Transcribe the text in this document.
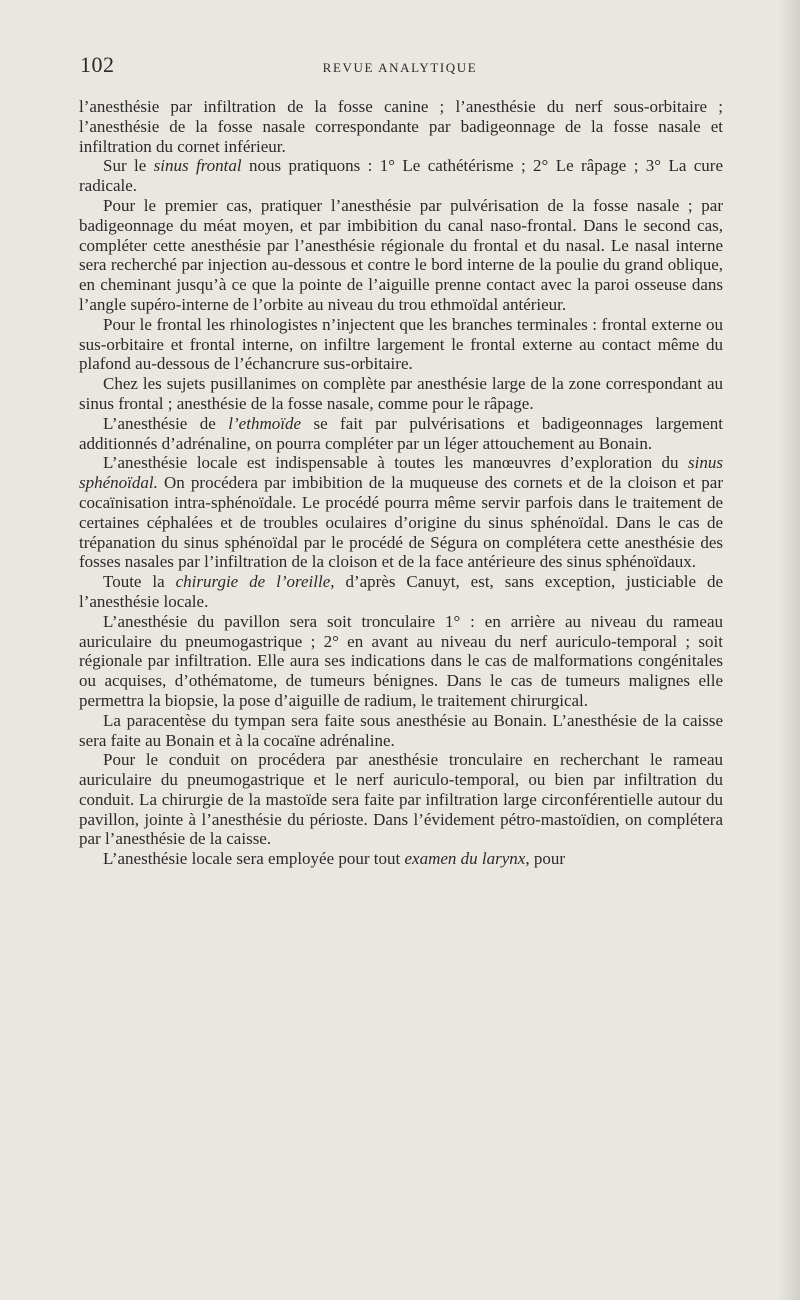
102	REVUE ANALYTIQUE

l’anesthésie par infiltration de la fosse canine ; l’anesthésie du nerf sous-orbitaire ; l’anesthésie de la fosse nasale correspondante par badigeonnage de la fosse nasale et infiltration du cornet inférieur.

Sur le sinus frontal nous pratiquons : 1° Le cathétérisme ; 2° Le râpage ; 3° La cure radicale.

Pour le premier cas, pratiquer l’anesthésie par pulvérisation de la fosse nasale ; par badigeonnage du méat moyen, et par imbibition du canal naso-frontal. Dans le second cas, compléter cette anesthésie par l’anesthésie régionale du frontal et du nasal. Le nasal interne sera recherché par injection au-dessous et contre le bord interne de la poulie du grand oblique, en cheminant jusqu’à ce que la pointe de l’aiguille prenne contact avec la paroi osseuse dans l’angle supéro-interne de l’orbite au niveau du trou ethmoïdal antérieur.

Pour le frontal les rhinologistes n’injectent que les branches terminales : frontal externe ou sus-orbitaire et frontal interne, on infiltre largement le frontal externe au contact même du plafond au-dessous de l’échancrure sus-orbitaire.

Chez les sujets pusillanimes on complète par anesthésie large de la zone correspondant au sinus frontal ; anesthésie de la fosse nasale, comme pour le râpage.

L’anesthésie de l’ethmoïde se fait par pulvérisations et badigeonnages largement additionnés d’adrénaline, on pourra compléter par un léger attouchement au Bonain.

L’anesthésie locale est indispensable à toutes les manœuvres d’exploration du sinus sphénoïdal. On procédera par imbibition de la muqueuse des cornets et de la cloison et par cocaïnisation intra-sphénoïdale. Le procédé pourra même servir parfois dans le traitement de certaines céphalées et de troubles oculaires d’origine du sinus sphénoïdal. Dans le cas de trépanation du sinus sphénoïdal par le procédé de Ségura on complétera cette anesthésie des fosses nasales par l’infiltration de la cloison et de la face antérieure des sinus sphénoïdaux.

Toute la chirurgie de l’oreille, d’après Canuyt, est, sans exception, justiciable de l’anesthésie locale.

L’anesthésie du pavillon sera soit tronculaire 1° : en arrière au niveau du rameau auriculaire du pneumogastrique ; 2° en avant au niveau du nerf auriculo-temporal ; soit régionale par infiltration. Elle aura ses indications dans le cas de malformations congénitales ou acquises, d’othématome, de tumeurs bénignes. Dans le cas de tumeurs malignes elle permettra la biopsie, la pose d’aiguille de radium, le traitement chirurgical.

La paracentèse du tympan sera faite sous anesthésie au Bonain. L’anesthésie de la caisse sera faite au Bonain et à la cocaïne adrénaline.

Pour le conduit on procédera par anesthésie tronculaire en recherchant le rameau auriculaire du pneumogastrique et le nerf auriculo-temporal, ou bien par infiltration du conduit. La chirurgie de la mastoïde sera faite par infiltration large circonférentielle autour du pavillon, jointe à l’anesthésie du périoste. Dans l’évidement pétro-mastoïdien, on complétera par l’anesthésie de la caisse.

L’anesthésie locale sera employée pour tout examen du larynx, pour
